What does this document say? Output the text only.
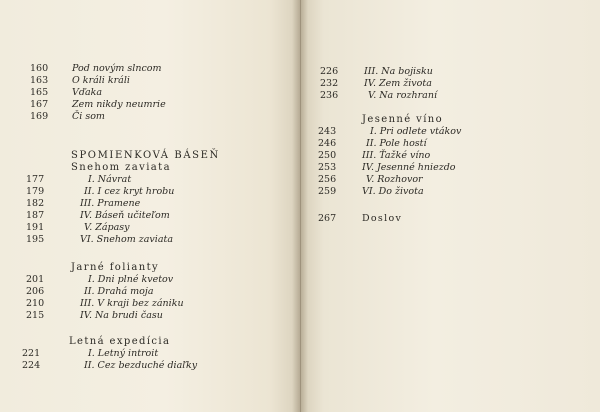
160	Pod novým slncom
163	O králi králi
165	Vďaka
167	Zem nikdy neumrie
169	Či som
SPOMIENKOVÁ BÁSEŇ
Snehom zaviata
177	I. Návrat
179	II. I cez kryt hrobu
182	III. Pramene
187	IV. Báseň učiteľom
191	V. Zápasy
195	VI. Snehom zaviata
Jarné folianty
201	I. Dni plné kvetov
206	II. Drahá moja
210	III. V kraji bez zániku
215	IV. Na brudi času
Letná expedícia
221	I. Letný introit
224	II. Cez bezduché diaľky
226	III. Na bojisku
232	IV. Zem života
236	V. Na rozhraní
Jesenné víno
243	I. Pri odlete vtákov
246	II. Pole hostí
250	III. Ťažké víno
253	IV. Jesenné hniezdo
256	V. Rozhovor
259	VI. Do života
267	Doslov
